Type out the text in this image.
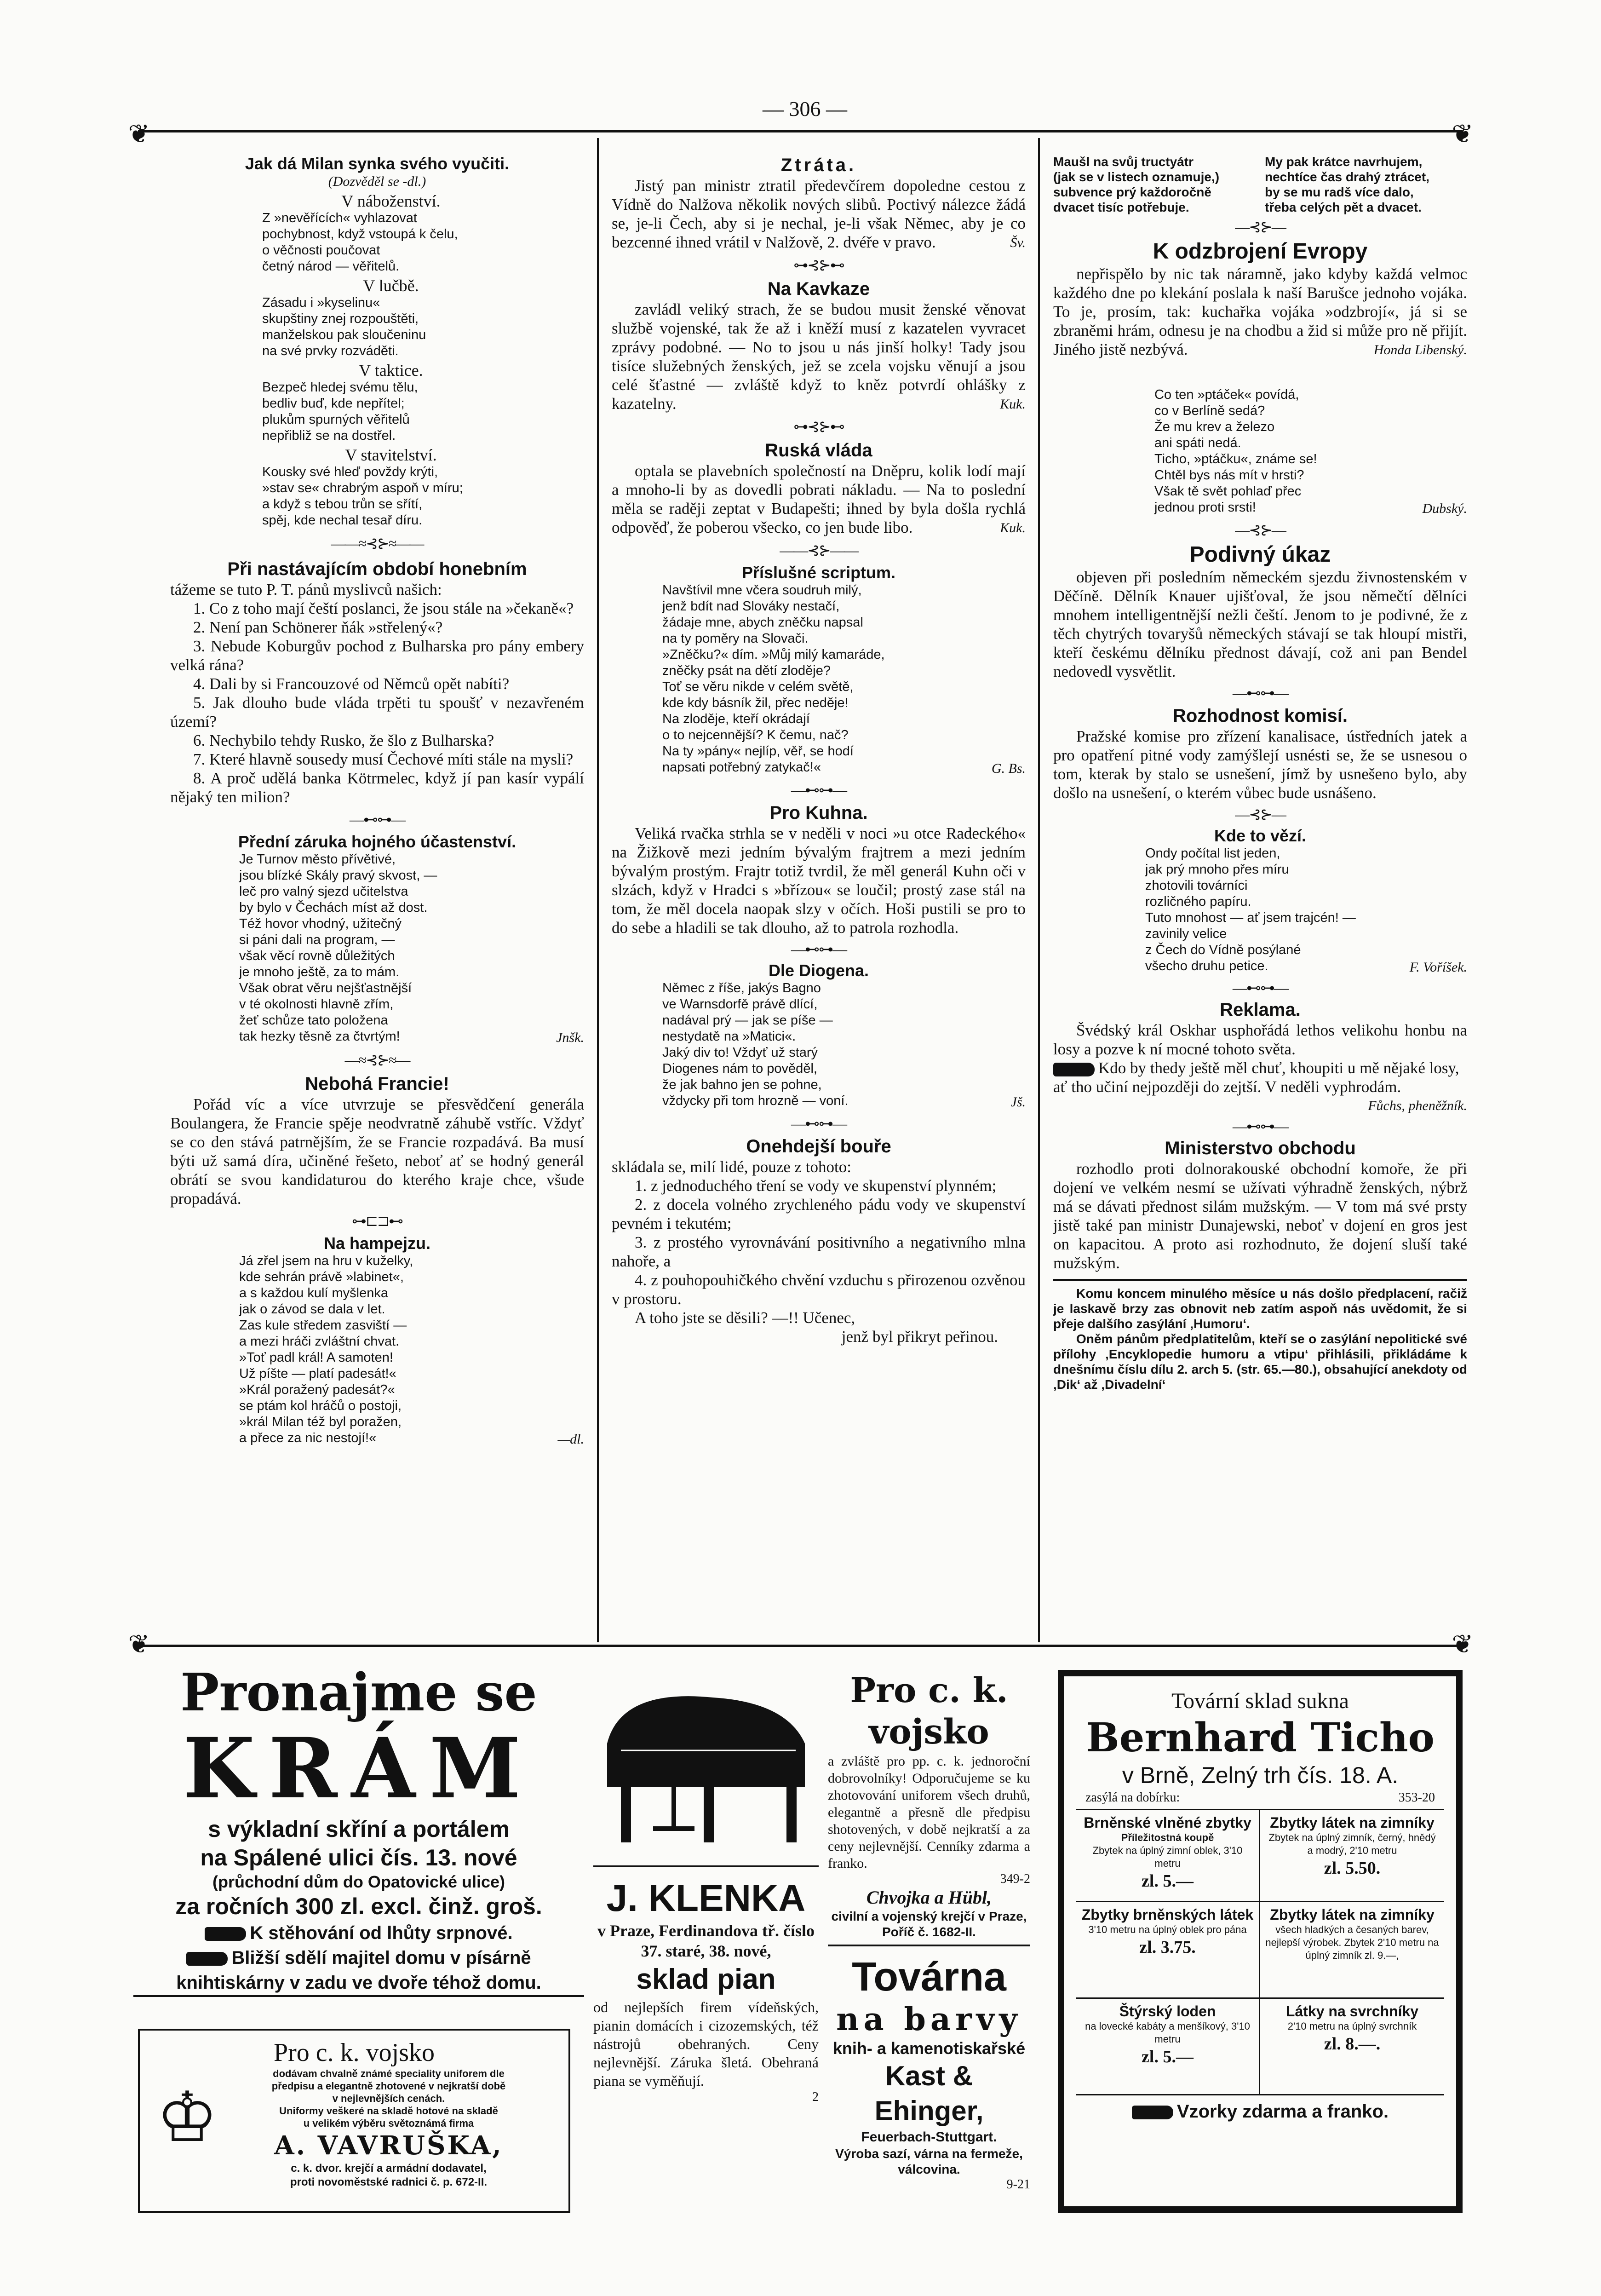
— 306 —
❦	❦
❦	❦
Jak dá Milan synka svého vyučiti.
(Dozvěděl se -dl.)
V náboženství.
Z »nevěřících« vyhlazovat
pochybnost, když vstoupá k čelu,
o věčnosti poučovat
četný národ — věřitelů.
V lučbě.
Zásadu i »kyselinu«
skupštiny znej rozpouštěti,
manželskou pak sloučeninu
na své prvky rozváděti.
V taktice.
Bezpeč hledej svému tělu,
bedliv buď, kde nepřítel;
plukům spurných věřitelů
nepřibliž se na dostřel.
V stavitelství.
Kousky své hleď povždy krýti,
»stav se« chrabrým aspoň v míru;
a když s tebou trůn se sřítí,
spěj, kde nechal tesař díru.
——≈⊰⊱≈——
Při nastávajícím období honebním

tážeme se tuto P. T. pánů myslivců našich:

1. Co z toho mají čeští poslanci, že jsou stále na »čekaně«?

2. Není pan Schönerer ňák »střelený«?

3. Nebude Koburgův pochod z Bulharska pro pány embery velká rána?

4. Dali by si Francouzové od Němců opět nabíti?

5. Jak dlouho bude vláda trpěti tu spoušť v nezavřeném území?

6. Nechybilo tehdy Rusko, že šlo z Bulharska?

7. Které hlavně sousedy musí Čechové míti stále na mysli?

8. A proč udělá banka Kötrmelec, když jí pan kasír vypálí nějaký ten milion?

—⊷⊶—
Přední záruka hojného účastenství.
Je Turnov město přívětivé,
jsou blízké Skály pravý skvost, —
leč pro valný sjezd učitelstva
by bylo v Čechách míst až dost.
Též hovor vhodný, užitečný
si páni dali na program, —
však věcí rovně důležitých
je mnoho ještě, za to mám.
Však obrat věru nejšťastnější
v té okolnosti hlavně zřím,
žeť schůze tato položena
tak hezky těsně za čtvrtým!	Jnšk.
—≈⊰⊱≈—
Nebohá Francie!

Pořád víc a více utvrzuje se přesvědčení generála Boulangera, že Francie spěje neodvratně záhubě vstříc. Vždyť se co den stává patrnějším, že se Francie rozpadává. Ba musí býti už samá díra, učiněné řešeto, neboť ať se hodný generál obrátí se svou kandidaturou do kterého kraje chce, všude propadává.

⊶⊏⊐⊷
Na hampejzu.
Já zřel jsem na hru v kuželky,
kde sehrán právě »labinet«,
a s každou kulí myšlenka
jak o závod se dala v let.
Zas kule středem zasviští —
a mezi hráči zvláštní chvat.
»Toť padl král! A samoten!
Už píšte — platí padesát!«
»Král poražený padesát?«
se ptám kol hráčů o postoji,
»král Milan též byl poražen,
a přece za nic nestojí!«	—dl.
Ztráta.

Jistý pan ministr ztratil předevčírem dopoledne cestou z Vídně do Nalžova několik nových slibů. Poctivý nálezce žádá se, je-li Čech, aby si je nechal, je-li však Němec, aby je co bezcenné ihned vrátil v Nalžově, 2. dvéře v pravo.	Šv.
⊶⊰⊱⊷
Na Kavkaze

zavládl veliký strach, že se budou musit ženské věnovat službě vojenské, tak že až i kněží musí z kazatelen vyvracet zprávy podobné. — No to jsou u nás jinší holky! Tady jsou tisíce služebných ženských, jež se zcela vojsku věnují a jsou celé šťastné — zvláště když to kněz potvrdí ohlášky z kazatelny.	Kuk.
⊶⊰⊱⊷
Ruská vláda

optala se plavebních společností na Dněpru, kolik lodí mají a mnoho-li by as dovedli pobrati nákladu. — Na to poslední měla se raději zeptat v Budapešti; ihned by byla došla rychlá odpověď, že poberou všecko, co jen bude libo.	Kuk.
——⊰⊱——
Příslušné scriptum.
Navštívil mne včera soudruh milý,
jenž bdít nad Slováky nestačí,
žádaje mne, abych zněčku napsal
na ty poměry na Slovači.
»Zněčku?« dím. »Můj milý kamaráde,
zněčky psát na dětí zloděje?
Toť se věru nikde v celém světě,
kde kdy básník žil, přec neděje!
Na zloděje, kteří okrádají
o to nejcennější? K čemu, nač?
Na ty »pány« nejlíp, věř, se hodí
napsati potřebný zatykač!«	G. Bs.
—⊷⊶—
Pro Kuhna.

Veliká rvačka strhla se v neděli v noci »u otce Radeckého« na Žižkově mezi jedním bývalým frajtrem a mezi jedním bývalým prostým. Frajtr totiž tvrdil, že měl generál Kuhn oči v slzách, když v Hradci s »břízou« se loučil; prostý zase stál na tom, že měl docela naopak slzy v očích. Hoši pustili se pro to do sebe a hladili se tak dlouho, až to patrola rozhodla.

—⊷⊶—
Dle Diogena.
Němec z říše, jakýs Bagno
ve Warnsdorfě právě dlící,
nadával prý — jak se píše —
nestydatě na »Matici«.
Jaký div to! Vždyť už starý
Diogenes nám to pověděl,
že jak bahno jen se pohne,
vždycky při tom hrozně — voní.	Jš.
—⊷⊶—
Onehdejší bouře

skládala se, milí lidé, pouze z tohoto:

1. z jednoduchého tření se vody ve skupenství plynném;

2. z docela volného zrychleného pádu vody ve skupenství pevném i tekutém;

3. z prostého vyrovnávání positivního a negativního mlna nahoře, a

4. z pouhopouhičkého chvění vzduchu s přirozenou ozvěnou v prostoru.

A toho jste se děsili? —!! Učenec,

jenž byl přikryt peřinou.

Maušl na svůj tructyátr
(jak se v listech oznamuje,)
subvence prý každoročně
dvacet tisíc potřebuje.
My pak krátce navrhujem,
nechtíce čas drahý ztrácet,
by se mu radš více dalo,
třeba celých pět a dvacet.
—⊰⊱—
K odzbrojení Evropy

nepřispělo by nic tak náramně, jako kdyby každá velmoc každého dne po klekání poslala k naší Barušce jednoho vojáka. To je, prosím, tak: kuchařka vojáka »odzbrojí«, já si se zbraněmi hrám, odnesu je na chodbu a žid si může pro ně přijít. Jiného jistě nezbývá.	Honda Libenský.
Co ten »ptáček« povídá,
co v Berlíně sedá?
Že mu krev a železo
ani spáti nedá.
Ticho, »ptáčku«, známe se!
Chtěl bys nás mít v hrsti?
Však tě svět pohlaď přec
jednou proti srsti!	Dubský.
—⊰⊱—
Podivný úkaz

objeven při posledním německém sjezdu živnostenském v Děčíně. Dělník Knauer ujišťoval, že jsou němečtí dělníci mnohem intelligentnější nežli čeští. Jenom to je podivné, že z těch chytrých tovaryšů německých stávají se tak hloupí mistři, kteří českému dělníku přednost dávají, což ani pan Bendel nedovedl vysvětlit.

—⊷⊶—
Rozhodnost komisí.

Pražské komise pro zřízení kanalisace, ústředních jatek a pro opatření pitné vody zamýšlejí usnésti se, že se usnesou o tom, kterak by stalo se usnešení, jímž by usnešeno bylo, aby došlo na usnešení, o kterém vůbec bude usnášeno.

—⊰⊱—
Kde to vězí.
Ondy počítal list jeden,
jak prý mnoho přes míru
zhotovili továrníci
rozličného papíru.
Tuto mnohost — ať jsem trajcén! —
zavinily velice
z Čech do Vídně posýlané
všecho druhu petice.	F. Voříšek.
—⊷⊶—
Reklama.

Švédský král Oskhar usphořádá lethos velikohu honbu na losy a pozve k ní mocné tohoto světa.

Kdo by thedy ještě měl chuť, khoupiti u mě nějaké losy, ať tho učiní nejpozději do zejtší. V neděli vyphrodám.

Fůchs, pheněžník.
—⊷⊶—
Ministerstvo obchodu

rozhodlo proti dolnorakouské obchodní komoře, že při dojení ve velkém nesmí se užívati výhradně ženských, nýbrž má se dávati přednost silám mužským. — V tom má své prsty jistě také pan ministr Dunajewski, neboť v dojení en gros jest on kapacitou. A proto asi rozhodnuto, že dojení sluší také mužským.

Komu koncem minulého měsíce u nás došlo předplacení, račiž je laskavě brzy zas obnovit neb zatím aspoň nás uvědomit, že si přeje dalšího zasýlání ‚Humoru‘.

Oněm pánům předplatitelům, kteří se o zasýlání nepolitické své přílohy ‚Encyklopedie humoru a vtipu‘ přihlásili, přikládáme k dnešnímu číslu dílu 2. arch 5. (str. 65.—80.), obsahující anekdoty od ‚Dik‘ až ‚Divadelní‘

Pronajme se
KRÁM
s výkladní skříní a portálem
na Spálené ulici čís. 13. nové
(průchodní dům do Opatovické ulice)
za ročních 300 zl. excl. činž. groš.
K stěhování od lhůty srpnové.
Bližší sdělí majitel domu v písárně
knihtiskárny v zadu ve dvoře téhož domu.
Pro c. k. vojsko
♔
dodávam chvalně známé speciality uniforem dle
předpisu a elegantně zhotovené v nejkratší době
v nejlevnějších cenách.
Uniformy veškeré na skladě hotové na skladě
u velikém výběru světoznámá firma
A. VAVRUŠKA,
c. k. dvor. krejčí a armádní dodavatel,
proti novoměstské radnici č. p. 672-II.
J. KLENKA
v Praze, Ferdinandova tř. číslo 37. staré, 38. nové,
sklad pian
od nejlepších firem vídeňských, pianin domácích i cizozemských, též nástrojů obehraných. Ceny nejlevnější. Záruka šletá. Obehraná piana se vyměňují.
2
Pro c. k. vojsko
a zvláště pro pp. c. k. jednoroční dobrovolníky! Odporučujeme se ku zhotovování uniforem všech druhů, elegantně a přesně dle předpisu shotovených, v době nejkratší a za ceny nejlevnější. Cenníky zdarma a franko.
349-2
Chvojka a Hübl,
civilní a vojenský krejčí v Praze, Poříč č. 1682-II.
Továrna
na barvy
knih- a kamenotiskařské
Kast & Ehinger,
Feuerbach-Stuttgart.
Výroba sazí, várna na fermeže, válcovina.
9-21
Tovární sklad sukna
Bernhard Ticho
v Brně, Zelný trh čís. 18. A.
zasýlá na dobírku:	353-20
Brněnské vlněné zbytky
Příležitostná koupě
Zbytek na úplný zimní oblek, 3'10 metru
zl. 5.—
Zbytky látek na zimníky
Zbytek na úplný zimník, černý, hnědý a modrý, 2'10 metru
zl. 5.50.
Zbytky brněnských látek
3'10 metru na úplný oblek pro pána
zl. 3.75.
Zbytky látek na zimníky
všech hladkých a česaných barev, nejlepší výrobek. Zbytek 2'10 metru na úplný zimník zl. 9.—,
Štýrský loden
na lovecké kabáty a menšíkový, 3'10 metru
zl. 5.—
Látky na svrchníky
2'10 metru na úplný svrchník
zl. 8.—.
Vzorky zdarma a franko.
